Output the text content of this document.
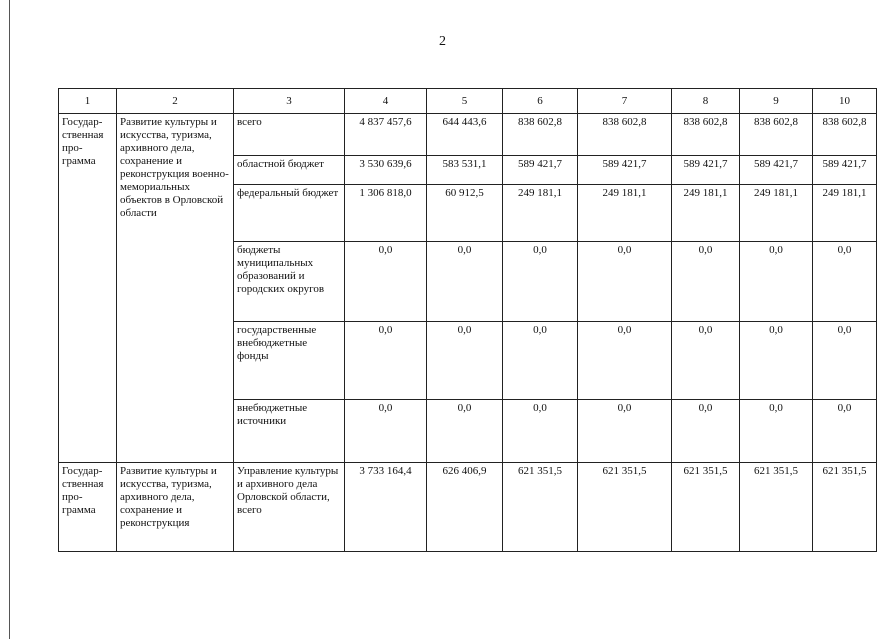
2
1	2	3	4	5	6	7	8	9	10
Государ-ственная про-грамма	Развитие культуры и искусства, туризма, архивного дела, сохранение и реконструкция военно-мемориальных объектов в Орловской области	всего	4 837 457,6	644 443,6	838 602,8	838 602,8	838 602,8	838 602,8	838 602,8
		областной бюджет	3 530 639,6	583 531,1	589 421,7	589 421,7	589 421,7	589 421,7	589 421,7
		федеральный бюджет	1 306 818,0	60 912,5	249 181,1	249 181,1	249 181,1	249 181,1	249 181,1
		бюджеты муниципальных образований и городских округов	0,0	0,0	0,0	0,0	0,0	0,0	0,0
		государственные внебюджетные фонды	0,0	0,0	0,0	0,0	0,0	0,0	0,0
		внебюджетные источники	0,0	0,0	0,0	0,0	0,0	0,0	0,0
Государ-ственная про-грамма	Развитие культуры и искусства, туризма, архивного дела, сохранение и реконструкция	Управление культуры и архивного дела Орловской области, всего	3 733 164,4	626 406,9	621 351,5	621 351,5	621 351,5	621 351,5	621 351,5
